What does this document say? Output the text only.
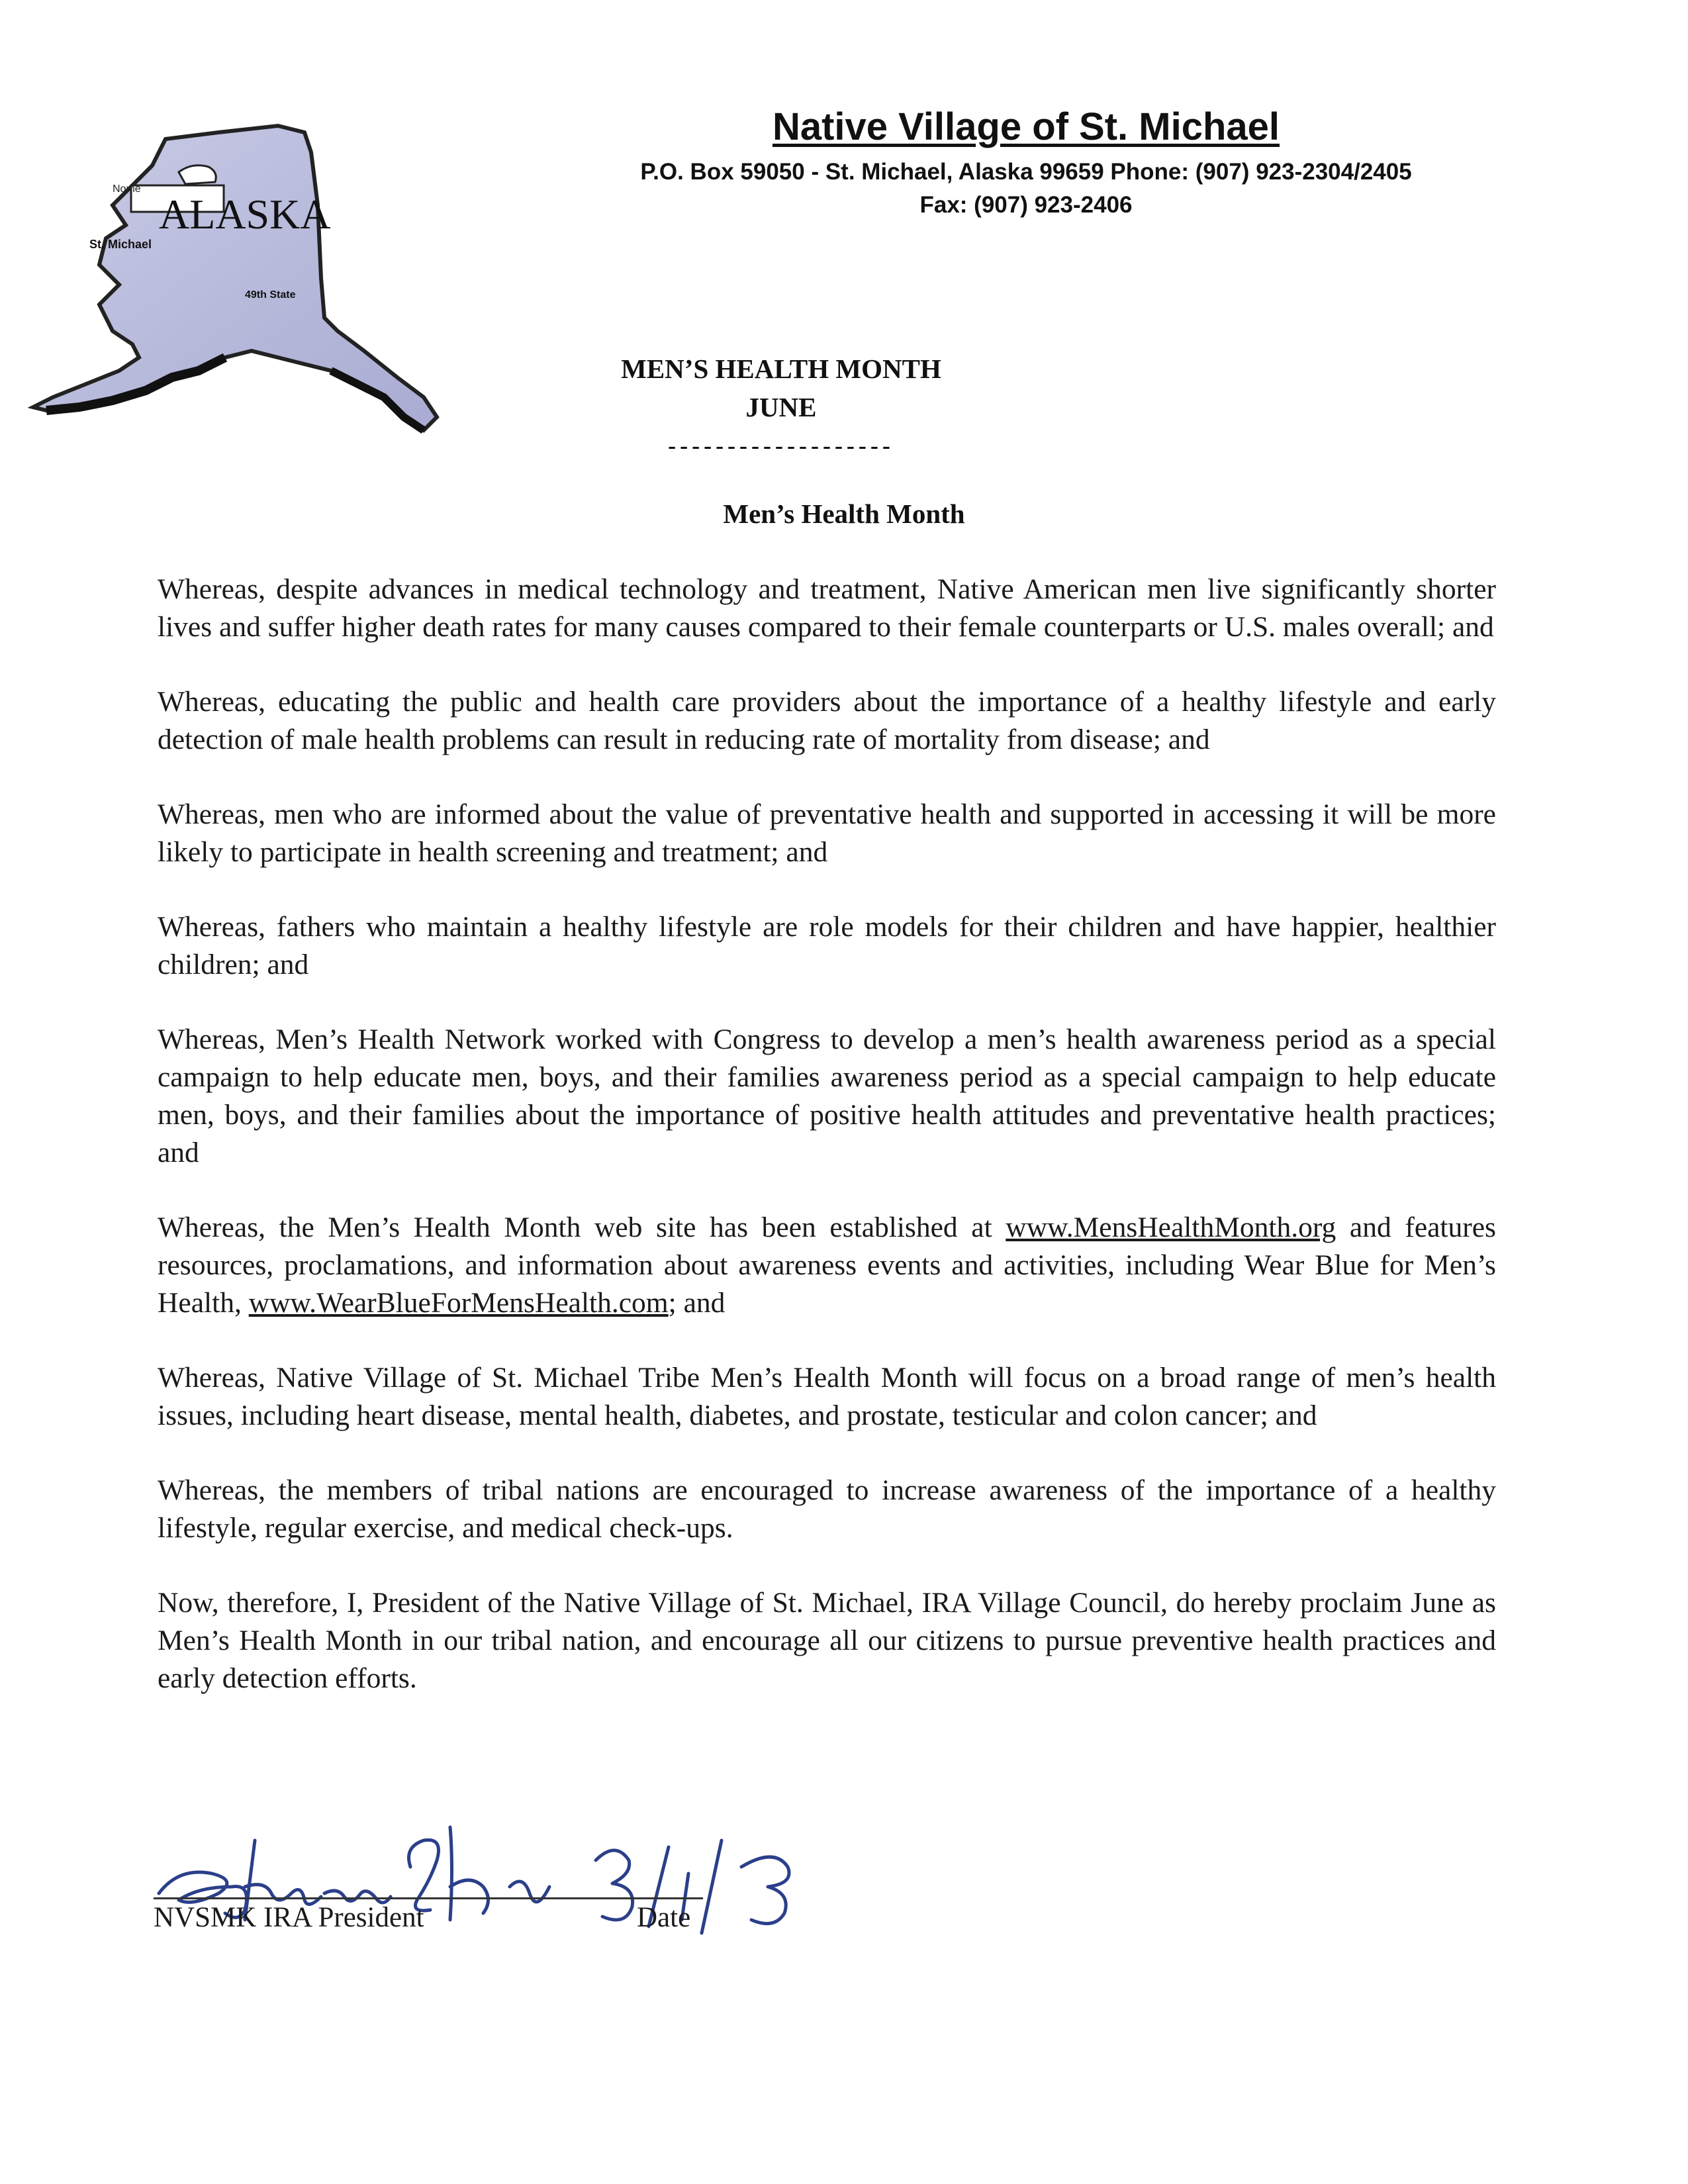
ALASKA
Nome
St. Michael
49th State
Native Village of St. Michael
P.O. Box 59050 - St. Michael, Alaska 99659 Phone: (907) 923-2304/2405
Fax: (907) 923-2406
MEN’S HEALTH MONTH
JUNE
-------------------
Men’s Health Month

Whereas, despite advances in medical technology and treatment, Native American men live significantly shorter lives and suffer higher death rates for many causes compared to their female counterparts or U.S. males overall; and

Whereas, educating the public and health care providers about the importance of a healthy lifestyle and early detection of male health problems can result in reducing rate of mortality from disease; and

Whereas, men who are informed about the value of preventative health and supported in accessing it will be more likely to participate in health screening and treatment; and

Whereas, fathers who maintain a healthy lifestyle are role models for their children and have happier, healthier children; and

Whereas, Men’s Health Network worked with Congress to develop a men’s health awareness period as a special campaign to help educate men, boys, and their families awareness period as a special campaign to help educate men, boys, and their families about the importance of positive health attitudes and preventative health practices; and

Whereas, the Men’s Health Month web site has been established at www.MensHealthMonth.org and features resources, proclamations, and information about awareness events and activities, including Wear Blue for Men’s Health, www.WearBlueForMensHealth.com; and

Whereas, Native Village of St. Michael Tribe Men’s Health Month will focus on a broad range of men’s health issues, including heart disease, mental health, diabetes, and prostate, testicular and colon cancer; and

Whereas, the members of tribal nations are encouraged to increase awareness of the importance of a healthy lifestyle, regular exercise, and medical check-ups.

Now, therefore, I, President of the Native Village of St. Michael, IRA Village Council, do hereby proclaim June as Men’s Health Month in our tribal nation, and encourage all our citizens to pursue preventive health practices and early detection efforts.

3/1/18
NVSMK IRA President	Date
